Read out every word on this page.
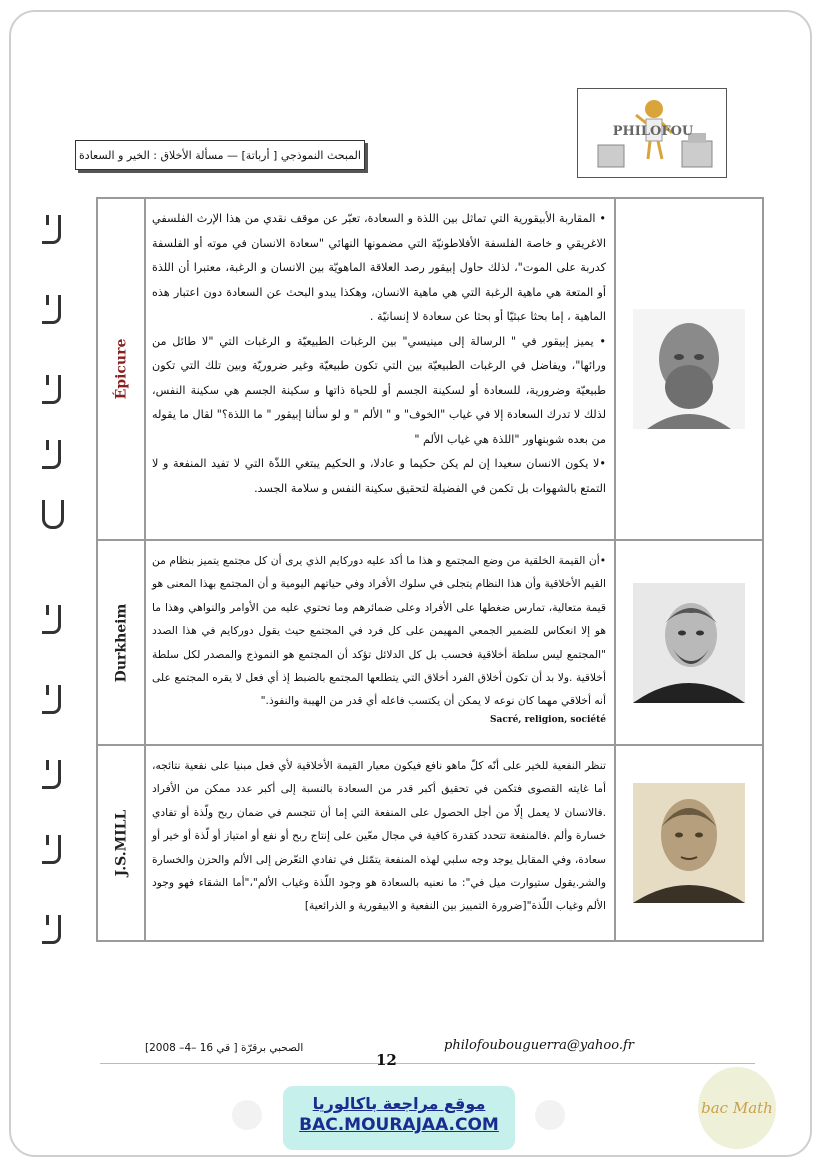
PHILOFOU
المبحث النموذجي [ أرباتة] — مسألة الأخلاق : الخير و السعادة
Épicure

• المقاربة الأبيقورية التي تماثل بين اللذة و السعادة، تعبّر عن موقف نقدي من هذا الإرث الفلسفي الاغريقي و خاصة الفلسفة الأفلاطونيّة التي مضمونها النهائي "سعادة الانسان في موته أو الفلسفة كدربة على الموت"، لذلك حاول إبيقور رصد العلاقة الماهويّة بين الانسان و الرغبة، معتبرا أن اللذة أو المتعة هي ماهية الرغبة التي هي ماهية الانسان، وهكذا يبدو البحث عن السعادة دون اعتبار هذه الماهية ، إما بحثا عبثيّا أو بحثا عن سعادة لا إنسانيّة .

• يميز إبيقور في " الرسالة إلى مينيسي" بين الرغبات الطبيعيّة و الرغبات التي "لا طائل من ورائها"، ويفاضل في الرغبات الطبيعيّة بين التي تكون طبيعيّة وغير ضروريّة وبين تلك التي تكون طبيعيّة وضرورية، للسعادة أو لسكينة الجسم أو للحياة ذاتها و سكينة الجسم هي سكينة النفس، لذلك لا تدرك السعادة إلا في غياب "الخوف" و " الألم " و لو سألنا إبيقور " ما اللذة؟" لقال ما يقوله من بعده شوبنهاور "اللذة هي غياب الألم "

•لا يكون الانسان سعيدا إن لم يكن حكيما و عادلا، و الحكيم يبتغي اللذّة التي لا تفيد المنفعة و لا التمتع بالشهوات بل تكمن في الفضيلة لتحقيق سكينة النفس و سلامة الجسد.

Durkheim

•أن القيمة الخلقية من وضع المجتمع و هذا ما أكد عليه دوركايم الذي يرى أن كل مجتمع يتميز بنظام من القيم الأخلاقية وأن هذا النظام يتجلى في سلوك الأفراد وفي حياتهم اليومية و أن المجتمع بهذا المعنى هو قيمة متعالية، تمارس ضغطها على الأفراد وعلى ضمائرهم وما تحتوي عليه من الأوامر والنواهي وهذا ما هو إلا انعكاس للضمير الجمعي المهيمن على كل فرد في المجتمع حيث يقول دوركايم في هذا الصدد "المجتمع ليس سلطة أخلاقية فحسب بل كل الدلائل تؤكد أن المجتمع هو النموذج والمصدر لكل سلطة أخلاقية .ولا بد أن تكون أخلاق الفرد أخلاق التي يتطلعها المجتمع بالضبط إذ أي فعل لا يقره المجتمع على أنه أخلاقي مهما كان نوعه لا يمكن أن يكتسب فاعله أي قدر من الهيبة والنفوذ."

Sacré, religion, société

J.S.MILL

تنظر النفعية للخير على أنّه كلّ ماهو نافع فيكون معيار القيمة الأخلاقية لأي فعل مبنيا على نفعية نتائجه، أما غايته القصوى فتكمن في تحقيق أكبر قدر من السعادة بالنسبة إلى أكبر عدد ممكن من الأفراد .فالانسان لا يعمل إلّا من أجل الحصول على المنفعة التي إما أن تتجسم في ضمان ربح ولّذة أو تفادي خسارة وألم .فالمنفعة تتحدد كقدرة كافية في مجال معّين على إنتاج ربح أو نفع أو امتياز أو لّذة أو خير أو سعادة، وفي المقابل يوجد وجه سلبي لهذه المنفعة يتمّثل في تفادي التعّرض إلى الألم والحزن والخسارة والشر.يقول ستيوارت ميل في": ما نعنيه بالسعادة هو وجود اللّذة وغياب الألم"،"أما الشقاء فهو وجود الألم وغياب اللّذة"[ضرورة التمييز بين النفعية و الابيقورية و الذرائعية]

الصحبي برقرّة [ قي 16 –4– 2008]
12
philofoubouguerra@yahoo.fr
موقع مراجعة باكالوريا
BAC.MOURAJAA.COM
bac Math
